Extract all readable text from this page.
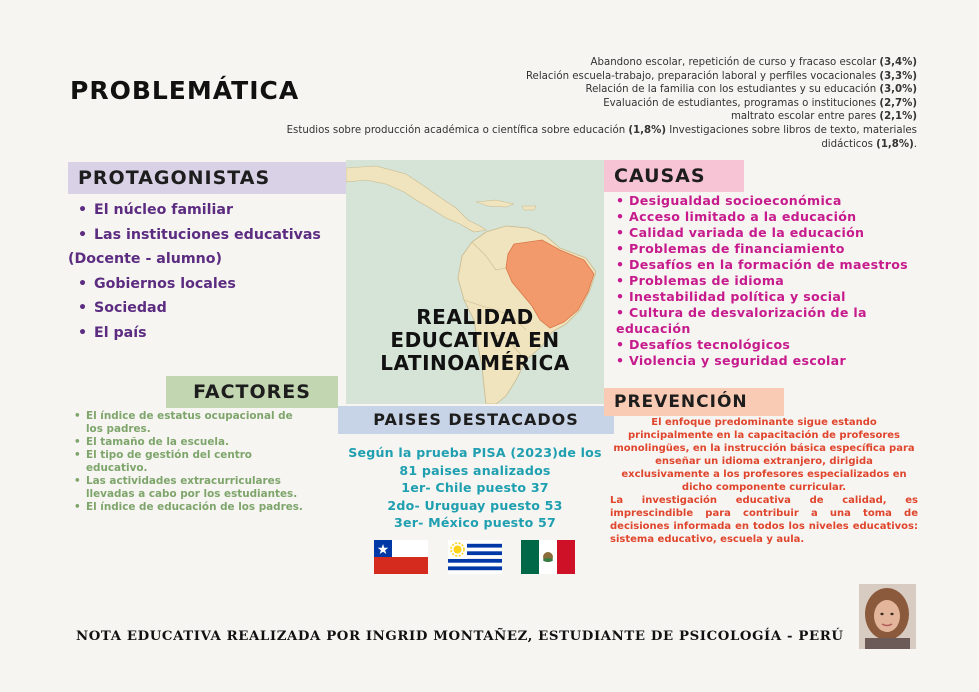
PROBLEMÁTICA
Abandono escolar, repetición de curso y fracaso escolar (3,4%)
Relación escuela-trabajo, preparación laboral y perfiles vocacionales (3,3%)
Relación de la familia con los estudiantes y su educación (3,0%)
Evaluación de estudiantes, programas o instituciones (2,7%)
maltrato escolar entre pares (2,1%)
Estudios sobre producción académica o científica sobre educación (1,8%) Investigaciones sobre libros de texto, materiales
didácticos (1,8%).
REALIDAD
EDUCATIVA EN
LATINOAMÉRICA
PROTAGONISTAS
• El núcleo familiar
• Las instituciones educativas
(Docente - alumno)
• Gobiernos locales
• Sociedad
• El país
CAUSAS
• Desigualdad socioeconómica
• Acceso limitado a la educación
• Calidad variada de la educación
• Problemas de financiamiento
• Desafíos en la formación de maestros
• Problemas de idioma
• Inestabilidad política y social
• Cultura de desvalorización de la educación
• Desafíos tecnológicos
• Violencia y seguridad escolar
FACTORES
• El índice de estatus ocupacional de los padres.
• El tamaño de la escuela.
• El tipo de gestión del centro educativo.
• Las actividades extracurriculares llevadas a cabo por los estudiantes.
• El índice de educación de los padres.
PAISES DESTACADOS
Según la prueba PISA (2023)de los
81 paises analizados
1er- Chile puesto 37
2do- Uruguay puesto 53
3er- México puesto 57
PREVENCIÓN
El enfoque predominante sigue estando principalmente en la capacitación de profesores monolingües, en la instrucción básica específica para enseñar un idioma extranjero, dirigida exclusivamente a los profesores especializados en dicho componente curricular.
La investigación educativa de calidad, es imprescindible para contribuir a una toma de decisiones informada en todos los niveles educativos: sistema educativo, escuela y aula.
NOTA EDUCATIVA REALIZADA POR INGRID MONTAÑEZ, ESTUDIANTE DE PSICOLOGÍA - PERÚ
